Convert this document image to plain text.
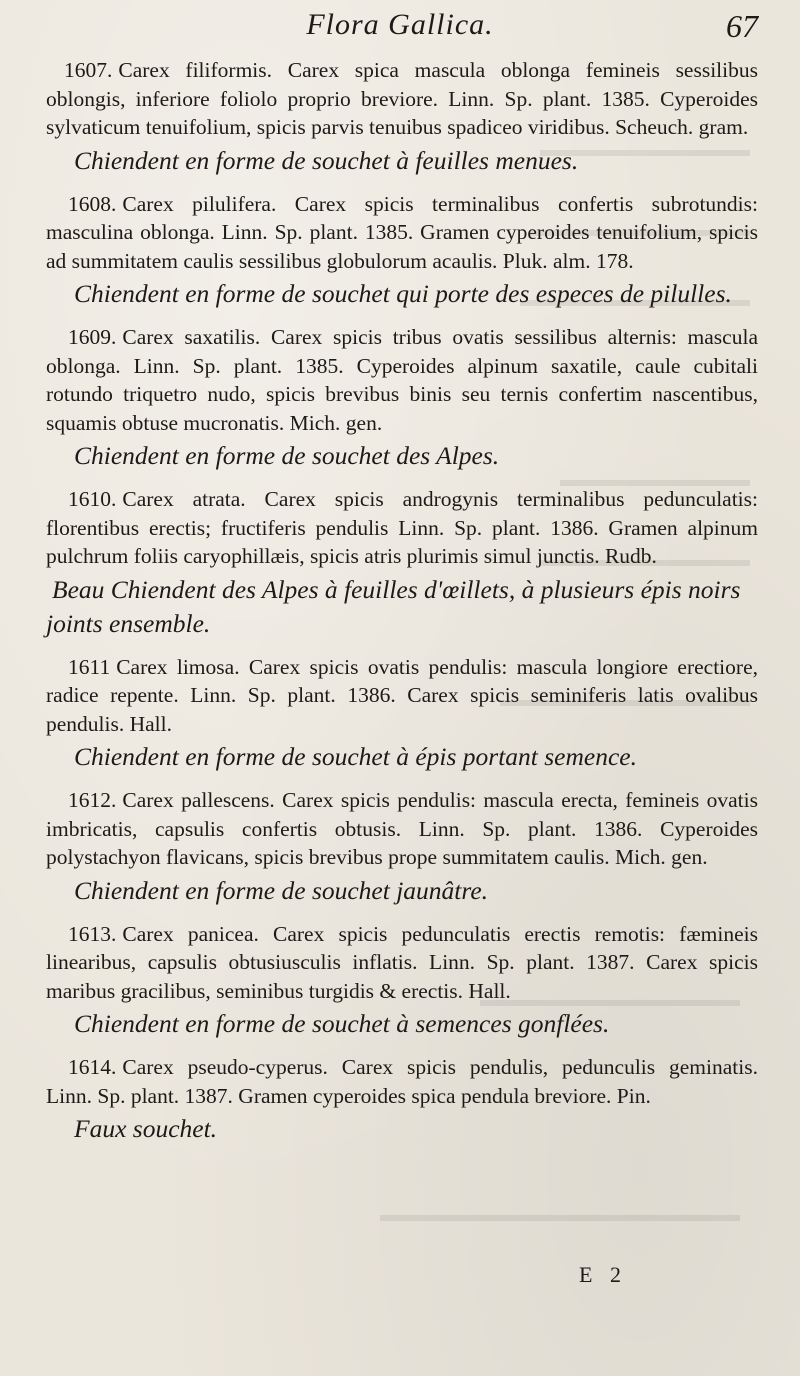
Flora Gallica.	67

1607. Carex filiformis. Carex spica mascula oblonga femineis sessilibus oblongis, inferiore foliolo proprio breviore. Linn. Sp. plant. 1385. Cyperoides sylvaticum tenuifolium, spicis parvis tenuibus spadiceo viridibus. Scheuch. gram.

Chiendent en forme de souchet à feuilles menues.

1608. Carex pilulifera. Carex spicis terminalibus confertis subrotundis: masculina oblonga. Linn. Sp. plant. 1385. Gramen cyperoides tenuifolium, spicis ad summitatem caulis sessilibus globulorum acaulis. Pluk. alm. 178.

Chiendent en forme de souchet qui porte des especes de pilulles.

1609. Carex saxatilis. Carex spicis tribus ovatis sessilibus alternis: mascula oblonga. Linn. Sp. plant. 1385. Cyperoides alpinum saxatile, caule cubitali rotundo triquetro nudo, spicis brevibus binis seu ternis confertim nascentibus, squamis obtuse mucronatis. Mich. gen.

Chiendent en forme de souchet des Alpes.

1610. Carex atrata. Carex spicis androgynis terminalibus pedunculatis: florentibus erectis; fructiferis pendulis Linn. Sp. plant. 1386. Gramen alpinum pulchrum foliis caryophillæis, spicis atris plurimis simul junctis. Rudb.

Beau Chiendent des Alpes à feuilles d'œillets, à plusieurs épis noirs joints ensemble.

1611 Carex limosa. Carex spicis ovatis pendulis: mascula longiore erectiore, radice repente. Linn. Sp. plant. 1386. Carex spicis seminiferis latis ovalibus pendulis. Hall.

Chiendent en forme de souchet à épis portant semence.

1612. Carex pallescens. Carex spicis pendulis: mascula erecta, femineis ovatis imbricatis, capsulis confertis obtusis. Linn. Sp. plant. 1386. Cyperoides polystachyon flavicans, spicis brevibus prope summitatem caulis. Mich. gen.

Chiendent en forme de souchet jaunâtre.

1613. Carex panicea. Carex spicis pedunculatis erectis remotis: fæmineis linearibus, capsulis obtusiusculis inflatis. Linn. Sp. plant. 1387. Carex spicis maribus gracilibus, seminibus turgidis & erectis. Hall.

Chiendent en forme de souchet à semences gonflées.

1614. Carex pseudo-cyperus. Carex spicis pendulis, pedunculis geminatis. Linn. Sp. plant. 1387. Gramen cyperoides spica pendula breviore. Pin.

Faux souchet.

E 2
